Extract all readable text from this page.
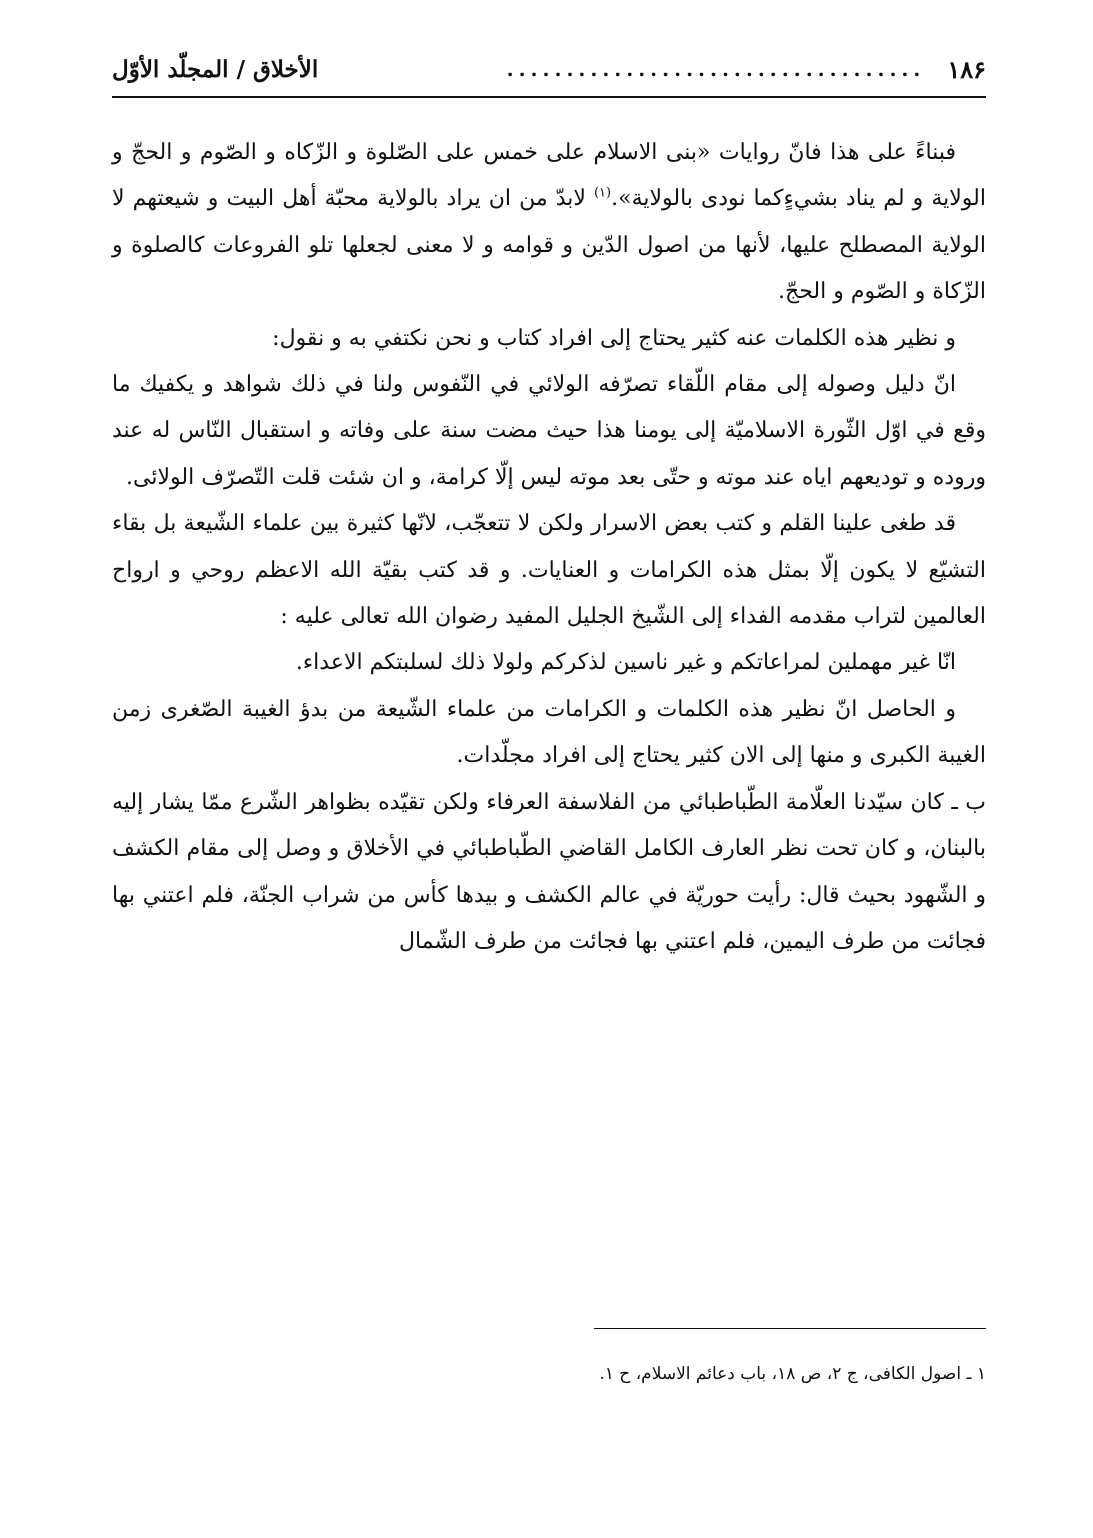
١٨۶
...................................
الأخلاق / المجلّد الأوّل

فبناءً على هذا فانّ روايات «بنى الاسلام على خمس على الصّلوة و الزّكاه و الصّوم و الحجّ و الولاية و لم يناد بشيءٍكما نودى بالولاية».$^{(١)}$ لابدّ من ان يراد بالولاية محبّة أهل البيت و شيعتهم لا الولاية المصطلح عليها، لأنها من اصول الدّين و قوامه و لا معنى لجعلها تلو الفروعات كالصلوة و الزّكاة و الصّوم و الحجّ.

و نظير هذه الكلمات عنه كثير يحتاج إلى افراد كتاب و نحن نكتفي به و نقول:

انّ دليل وصوله إلى مقام اللّقاء تصرّفه الولائي في النّفوس ولنا في ذلك شواهد و يكفيك ما وقع في اوّل الثّورة الاسلاميّة إلى يومنا هذا حيث مضت سنة على وفاته و استقبال النّاس له عند وروده و توديعهم اياه عند موته و حتّى بعد موته ليس إلّا كرامة، و ان شئت قلت التّصرّف الولائى.

قد طغى علينا القلم و كتب بعض الاسرار ولكن لا تتعجّب، لانّها كثيرة بين علماء الشّيعة بل بقاء التشيّع لا يكون إلّا بمثل هذه الكرامات و العنايات. و قد كتب بقيّة الله الاعظم روحي و ارواح العالمين لتراب مقدمه الفداء إلى الشّيخ الجليل المفيد رضوان الله تعالى عليه :

انّا غير مهملين لمراعاتكم و غير ناسين لذكركم ولولا ذلك لسلبتكم الاعداء.

و الحاصل انّ نظير هذه الكلمات و الكرامات من علماء الشّيعة من بدؤ الغيبة الصّغرى زمن الغيبة الكبرى و منها إلى الان كثير يحتاج إلى افراد مجلّدات.

ب ـ كان سيّدنا العلّامة الطّباطبائي من الفلاسفة العرفاء ولكن تقيّده بظواهر الشّرع ممّا يشار إليه بالبنان، و كان تحت نظر العارف الكامل القاضي الطّباطبائي في الأخلاق و وصل إلى مقام الكشف و الشّهود بحيث قال: رأيت حوريّة في عالم الكشف و بيدها كأس من شراب الجنّة، فلم اعتني بها فجائت من طرف اليمين، فلم اعتني بها فجائت من طرف الشّمال

١ ـ اصول الكافى، ج ٢، ص ١٨، باب دعائم الاسلام، ح ١.
